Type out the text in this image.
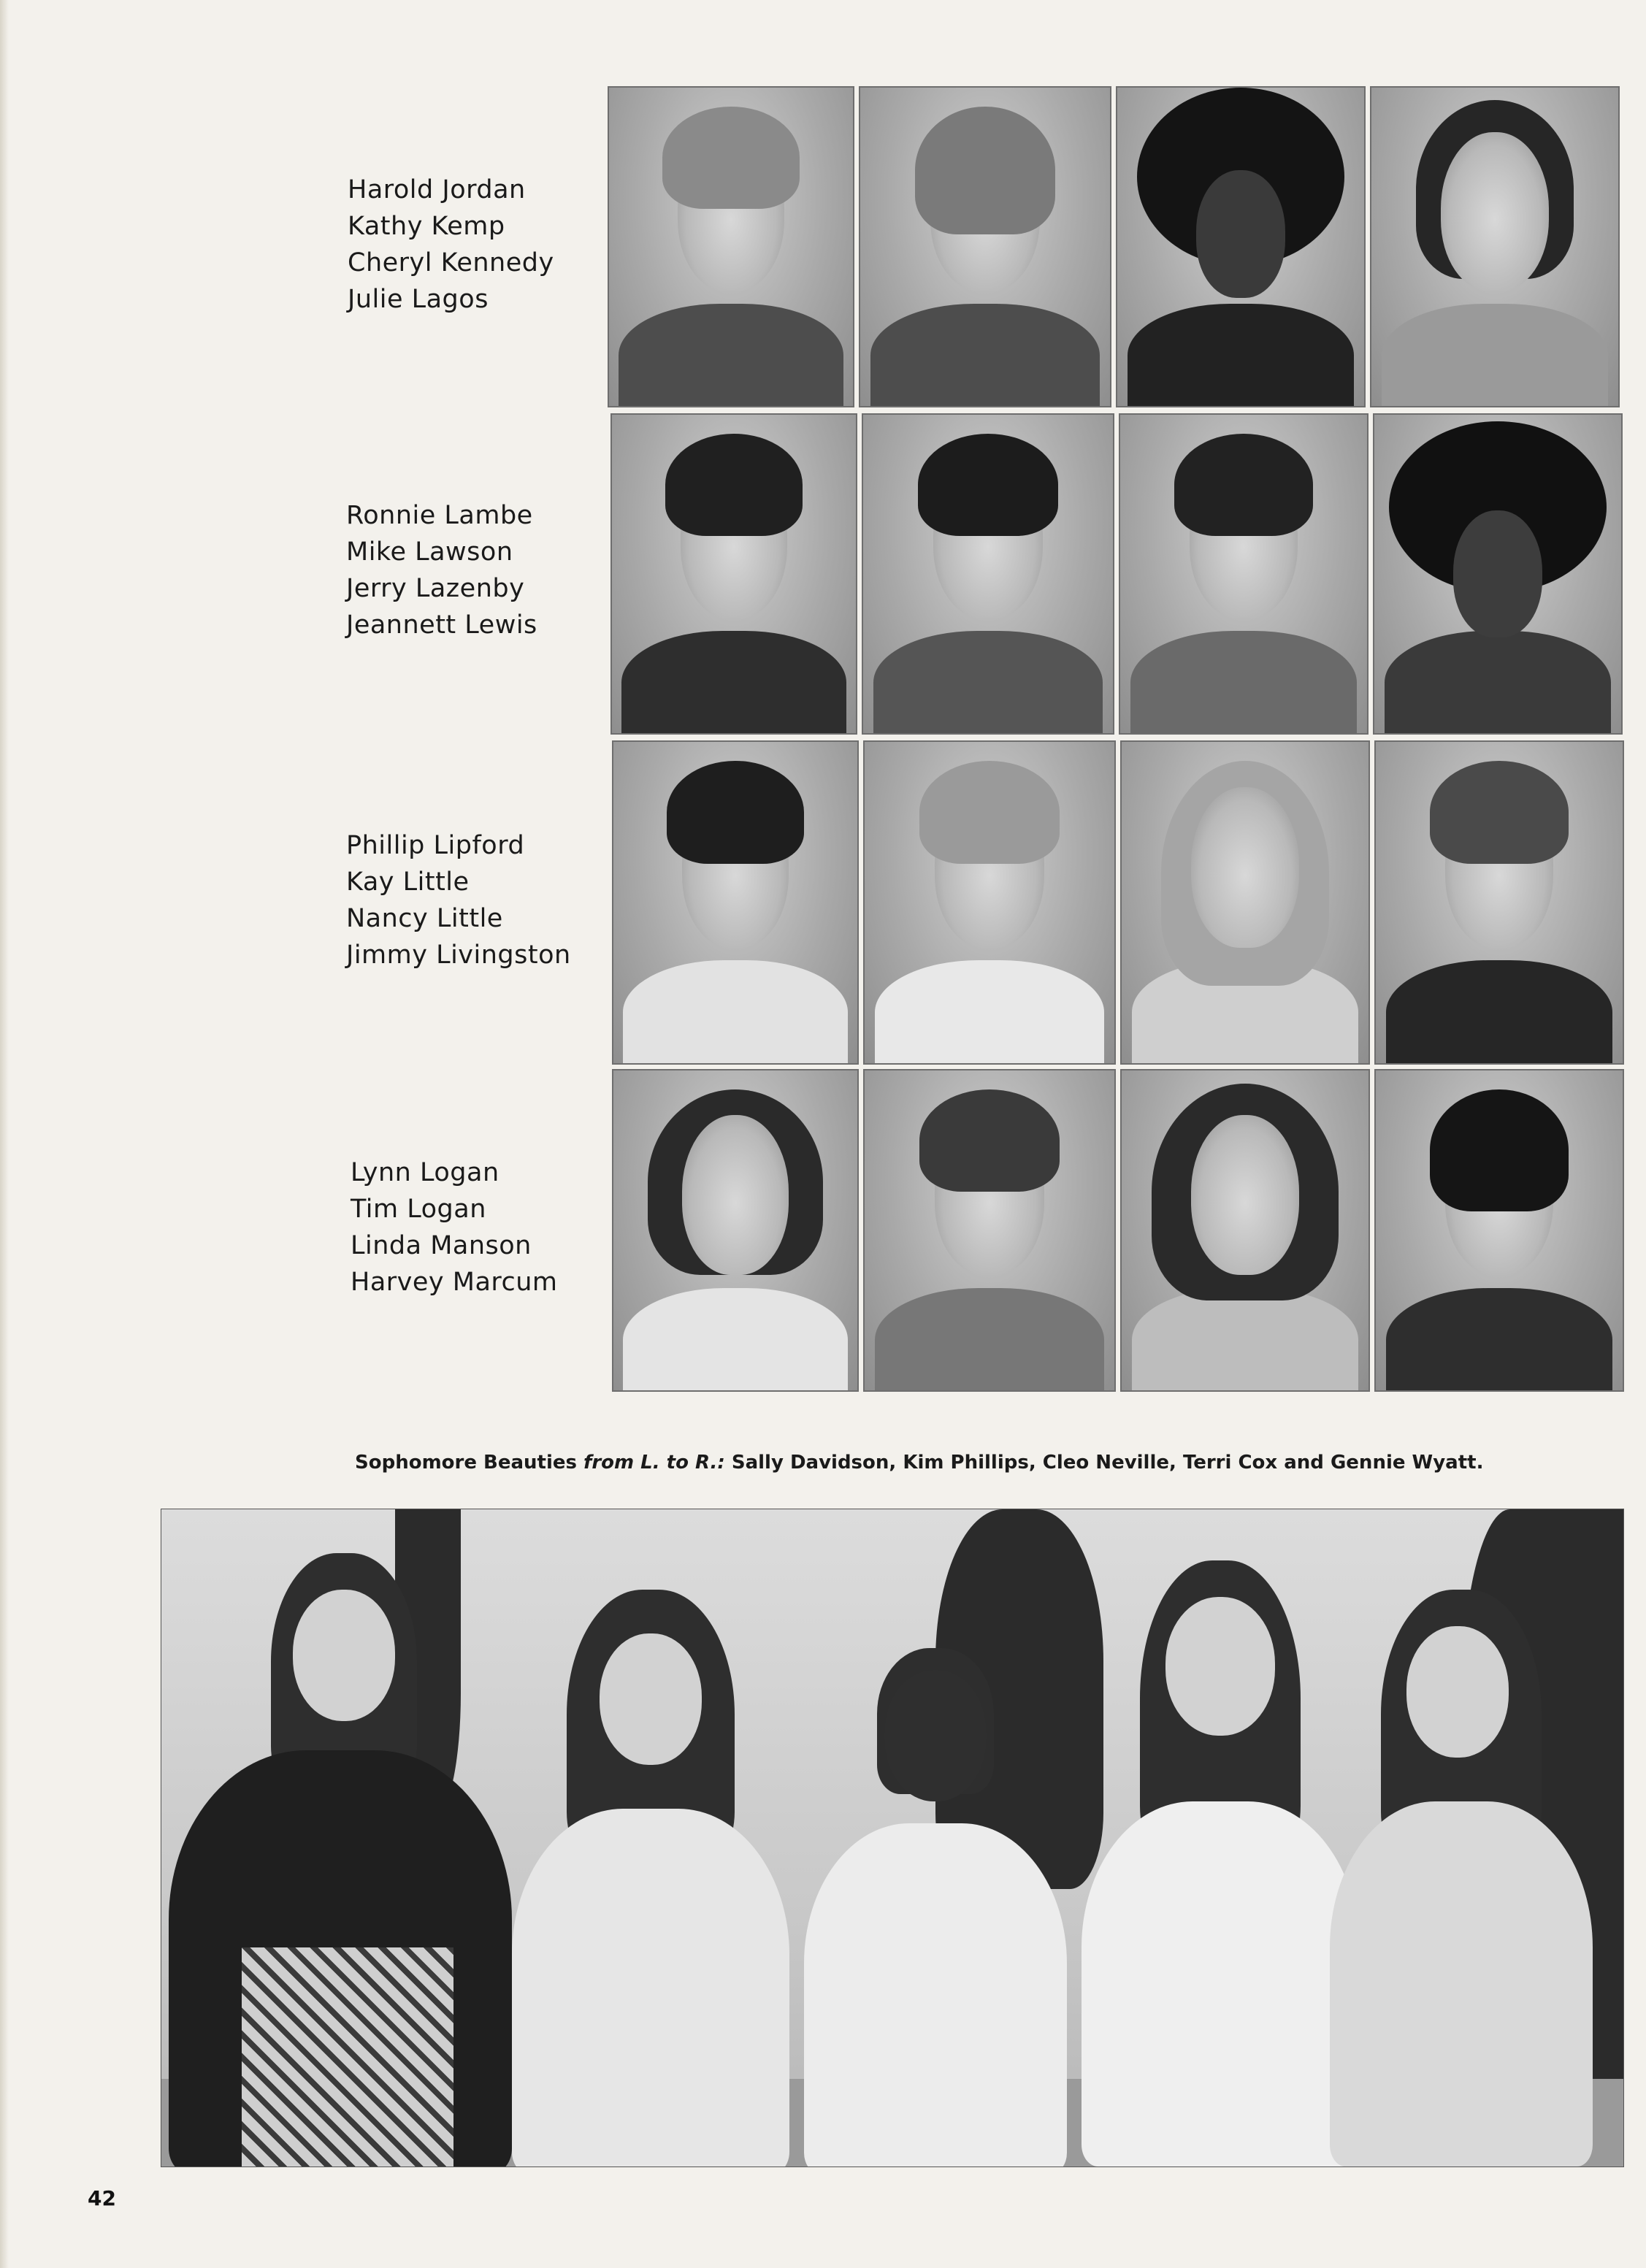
Harold Jordan
Kathy Kemp
Cheryl Kennedy
Julie Lagos
Ronnie Lambe
Mike Lawson
Jerry Lazenby
Jeannett Lewis
Phillip Lipford
Kay Little
Nancy Little
Jimmy Livingston
Lynn Logan
Tim Logan
Linda Manson
Harvey Marcum
Sophomore Beauties from L. to R.: Sally Davidson, Kim Phillips, Cleo Neville, Terri Cox and Gennie Wyatt.
42
